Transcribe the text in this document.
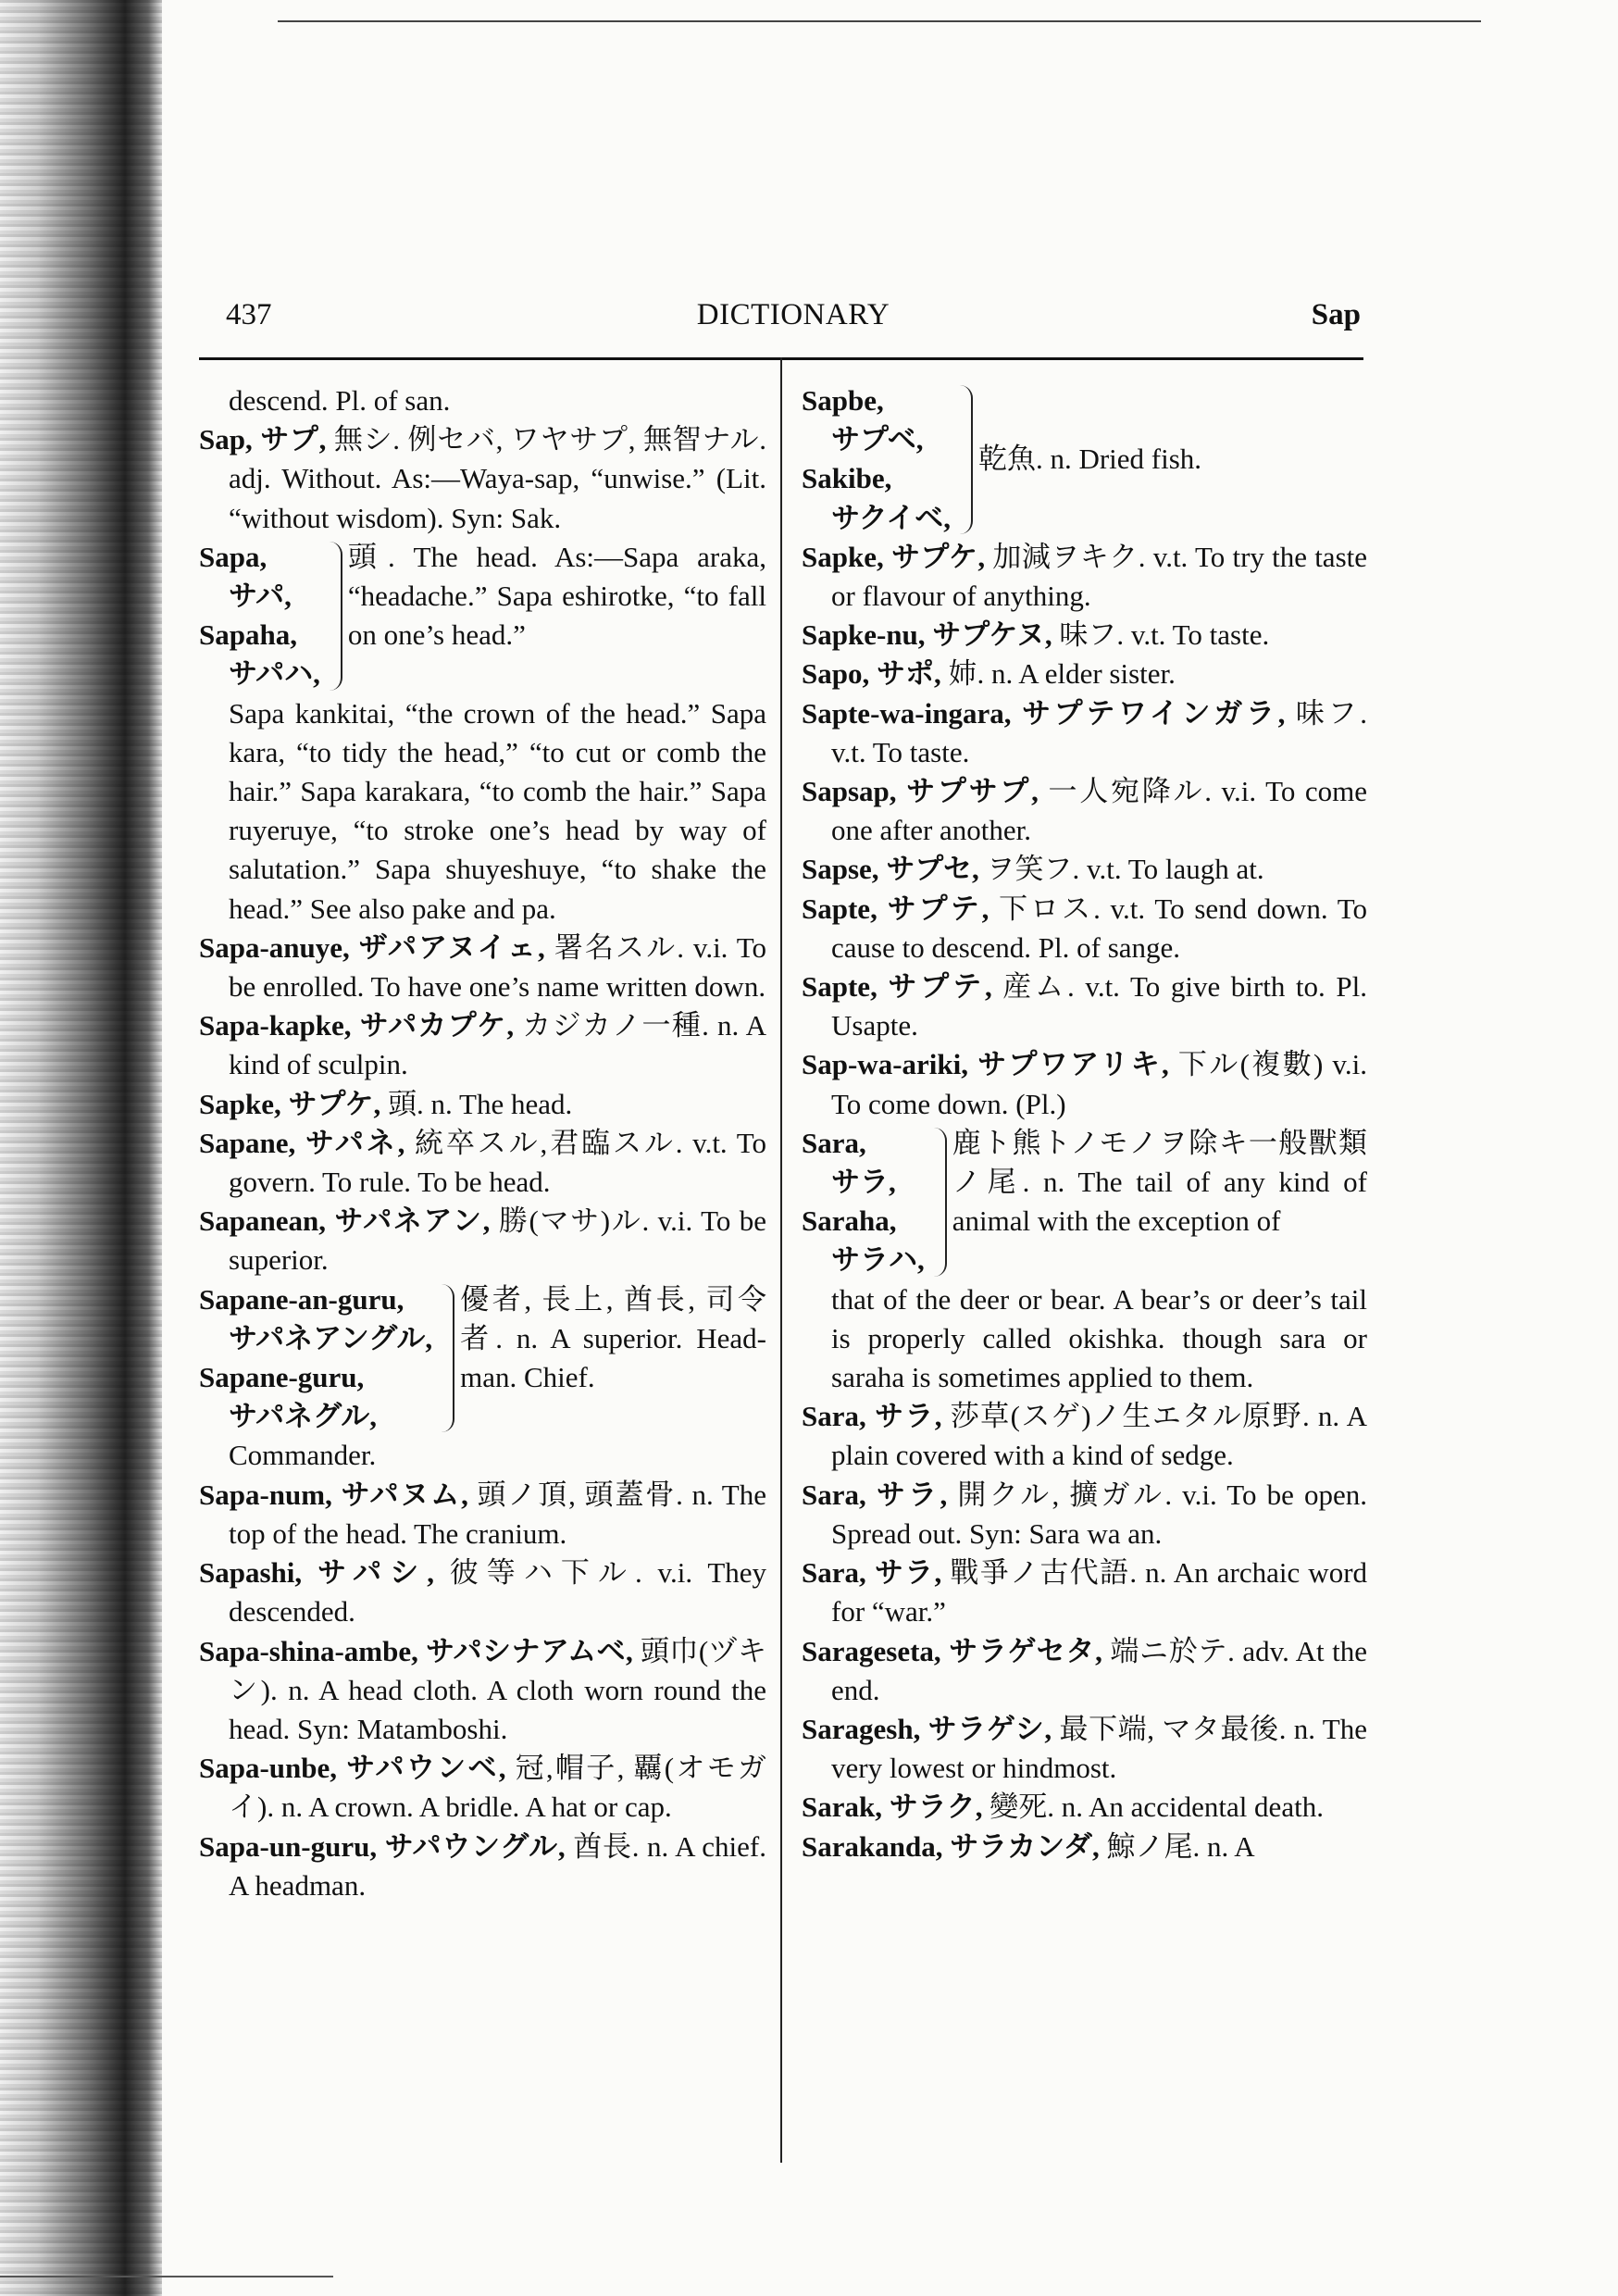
437	DICTIONARY	Sap

descend. Pl. of san.

Sap, サプ, 無シ. 例セバ, ワヤサプ, 無智ナル. adj. Without. As:—Waya-sap, “unwise.” (Lit. “without wisdom). Syn: Sak.

Sapa,
サパ,
Sapaha,
サパハ,
頭. The head. As:—Sapa araka, “headache.” Sapa eshirotke, “to fall on one’s head.”

Sapa kankitai, “the crown of the head.” Sapa kara, “to tidy the head,” “to cut or comb the hair.” Sapa karakara, “to comb the hair.” Sapa ruyeruye, “to stroke one’s head by way of salutation.” Sapa shuyeshuye, “to shake the head.” See also pake and pa.

Sapa-anuye, ザパアヌイェ, 署名スル. v.i. To be enrolled. To have one’s name written down.

Sapa-kapke, サパカプケ, カジカノ一種. n. A kind of sculpin.

Sapke, サプケ, 頭. n. The head.

Sapane, サパネ, 統卒スル,君臨スル. v.t. To govern. To rule. To be head.

Sapanean, サパネアン, 勝(マサ)ル. v.i. To be superior.

Sapane-an-guru,
サパネアングル,
Sapane-guru,
サパネグル,
優者, 長上, 酋長, 司令者. n. A superior. Head-man. Chief.

Commander.

Sapa-num, サパヌム, 頭ノ頂, 頭蓋骨. n. The top of the head. The cranium.

Sapashi, サパシ, 彼等ハ下ル. v.i. They descended.

Sapa-shina-ambe, サパシナアムベ, 頭巾(ヅキン). n. A head cloth. A cloth worn round the head. Syn: Matamboshi.

Sapa-unbe, サパウンベ, 冠,帽子, 覊(オモガイ). n. A crown. A bridle. A hat or cap.

Sapa-un-guru, サパウングル, 酋長. n. A chief. A headman.

Sapbe,
サプベ,
Sakibe,
サクイベ,
乾魚. n. Dried fish.

Sapke, サプケ, 加減ヲキク. v.t. To try the taste or flavour of anything.

Sapke-nu, サプケヌ, 味フ. v.t. To taste.

Sapo, サポ, 姉. n. A elder sister.

Sapte-wa-ingara, サプテワインガラ, 味フ. v.t. To taste.

Sapsap, サプサプ, 一人宛降ル. v.i. To come one after another.

Sapse, サプセ, ヲ笑フ. v.t. To laugh at.

Sapte, サプテ, 下ロス. v.t. To send down. To cause to descend. Pl. of sange.

Sapte, サプテ, 産ム. v.t. To give birth to. Pl. Usapte.

Sap-wa-ariki, サプワアリキ, 下ル(複數) v.i. To come down. (Pl.)

Sara,
サラ,
Saraha,
サラハ,
鹿ト熊トノモノヲ除キ一般獸類ノ尾. n. The tail of any kind of animal with the exception of

that of the deer or bear. A bear’s or deer’s tail is properly called okishka. though sara or saraha is sometimes applied to them.

Sara, サラ, 莎草(スゲ)ノ生エタル原野. n. A plain covered with a kind of sedge.

Sara, サラ, 開クル, 擴ガル. v.i. To be open. Spread out. Syn: Sara wa an.

Sara, サラ, 戰爭ノ古代語. n. An archaic word for “war.”

Sarageseta, サラゲセタ, 端ニ於テ. adv. At the end.

Saragesh, サラゲシ, 最下端, マタ最後. n. The very lowest or hindmost.

Sarak, サラク, 變死. n. An accidental death.

Sarakanda, サラカンダ, 鯨ノ尾. n. A
